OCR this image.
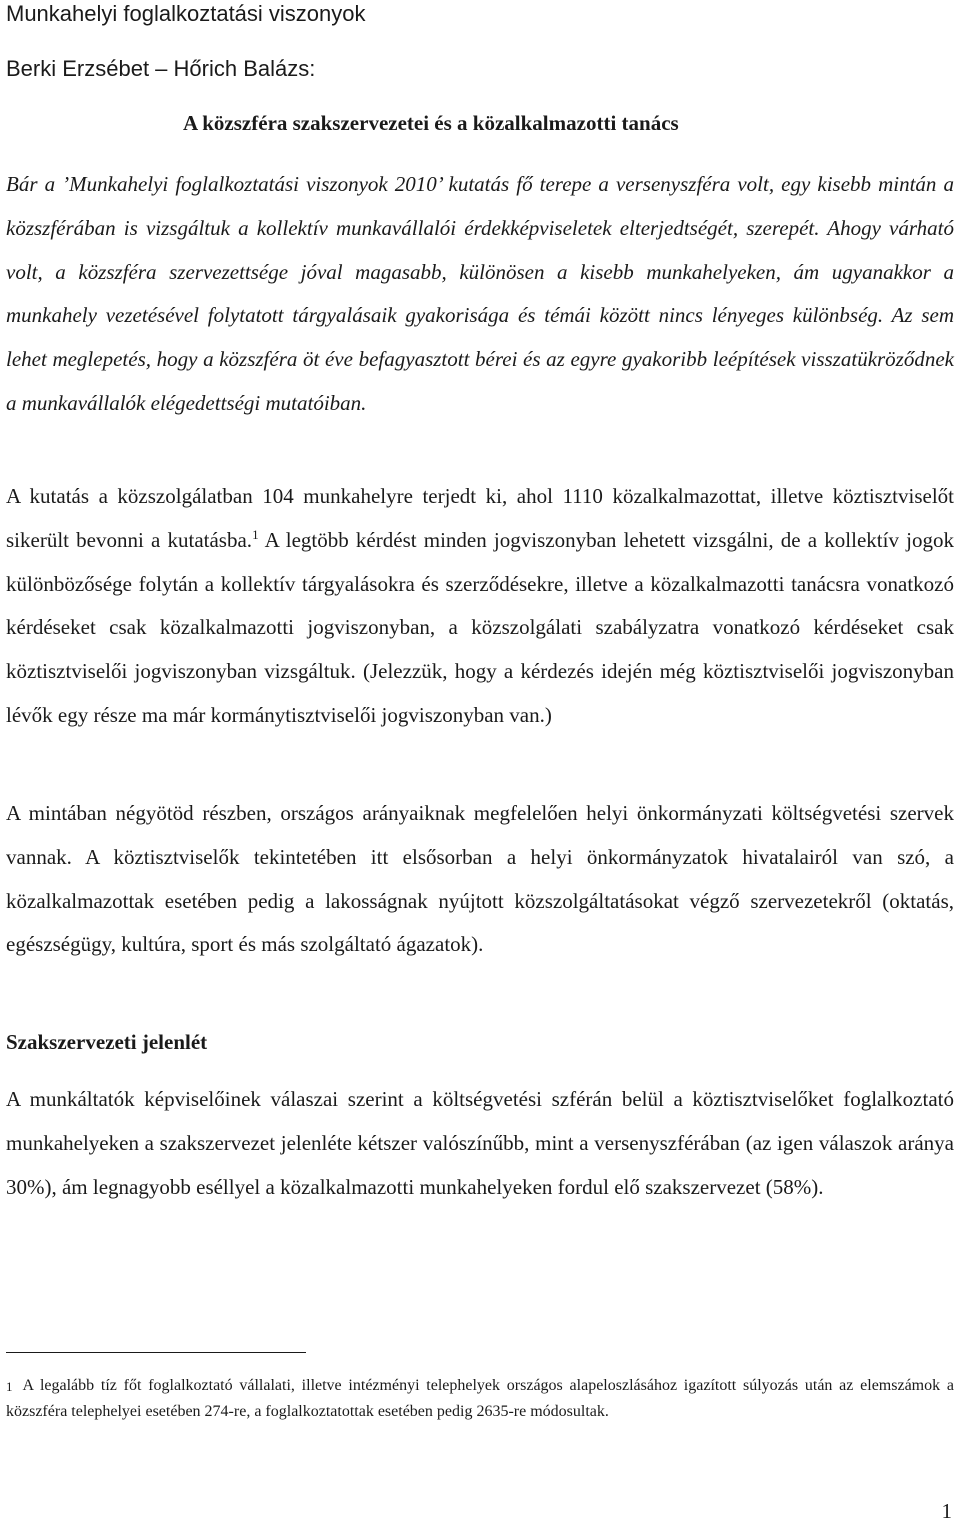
Munkahelyi foglalkoztatási viszonyok
Berki Erzsébet – Hőrich Balázs:
A közszféra szakszervezetei és a közalkalmazotti tanács

Bár a ’Munkahelyi foglalkoztatási viszonyok 2010’ kutatás fő terepe a versenyszféra volt, egy kisebb mintán a közszférában is vizsgáltuk a kollektív munkavállalói érdekképviseletek elterjedtségét, szerepét. Ahogy várható volt, a közszféra szervezettsége jóval magasabb, különösen a kisebb munkahelyeken, ám ugyanakkor a munkahely vezetésével folytatott tárgyalásaik gyakorisága és témái között nincs lényeges különbség. Az sem lehet meglepetés, hogy a közszféra öt éve befagyasztott bérei és az egyre gyakoribb leépítések visszatükröződnek a munkavállalók elégedettségi mutatóiban.

A kutatás a közszolgálatban 104 munkahelyre terjedt ki, ahol 1110 közalkalmazottat, illetve köztisztviselőt sikerült bevonni a kutatásba.$^1$ A legtöbb kérdést minden jogviszonyban lehetett vizsgálni, de a kollektív jogok különbözősége folytán a kollektív tárgyalásokra és szerződésekre, illetve a közalkalmazotti tanácsra vonatkozó kérdéseket csak közalkalmazotti jogviszonyban, a közszolgálati szabályzatra vonatkozó kérdéseket csak köztisztviselői jogviszonyban vizsgáltuk. (Jelezzük, hogy a kérdezés idején még köztisztviselői jogviszonyban lévők egy része ma már kormánytisztviselői jogviszonyban van.)

A mintában négyötöd részben, országos arányaiknak megfelelően helyi önkormányzati költségvetési szervek vannak. A köztisztviselők tekintetében itt elsősorban a helyi önkormányzatok hivatalairól van szó, a közalkalmazottak esetében pedig a lakosságnak nyújtott közszolgáltatásokat végző szervezetekről (oktatás, egészségügy, kultúra, sport és más szolgáltató ágazatok).

Szakszervezeti jelenlét

A munkáltatók képviselőinek válaszai szerint a költségvetési szférán belül a köztisztviselőket foglalkoztató munkahelyeken a szakszervezet jelenléte kétszer valószínűbb, mint a versenyszférában (az igen válaszok aránya 30%), ám legnagyobb eséllyel a közalkalmazotti munkahelyeken fordul elő szakszervezet (58%).

$^1$ A legalább tíz főt foglalkoztató vállalati, illetve intézményi telephelyek országos alapeloszlásához igazított súlyozás után az elemszámok a közszféra telephelyei esetében 274-re, a foglalkoztatottak esetében pedig 2635-re módosultak.

1
